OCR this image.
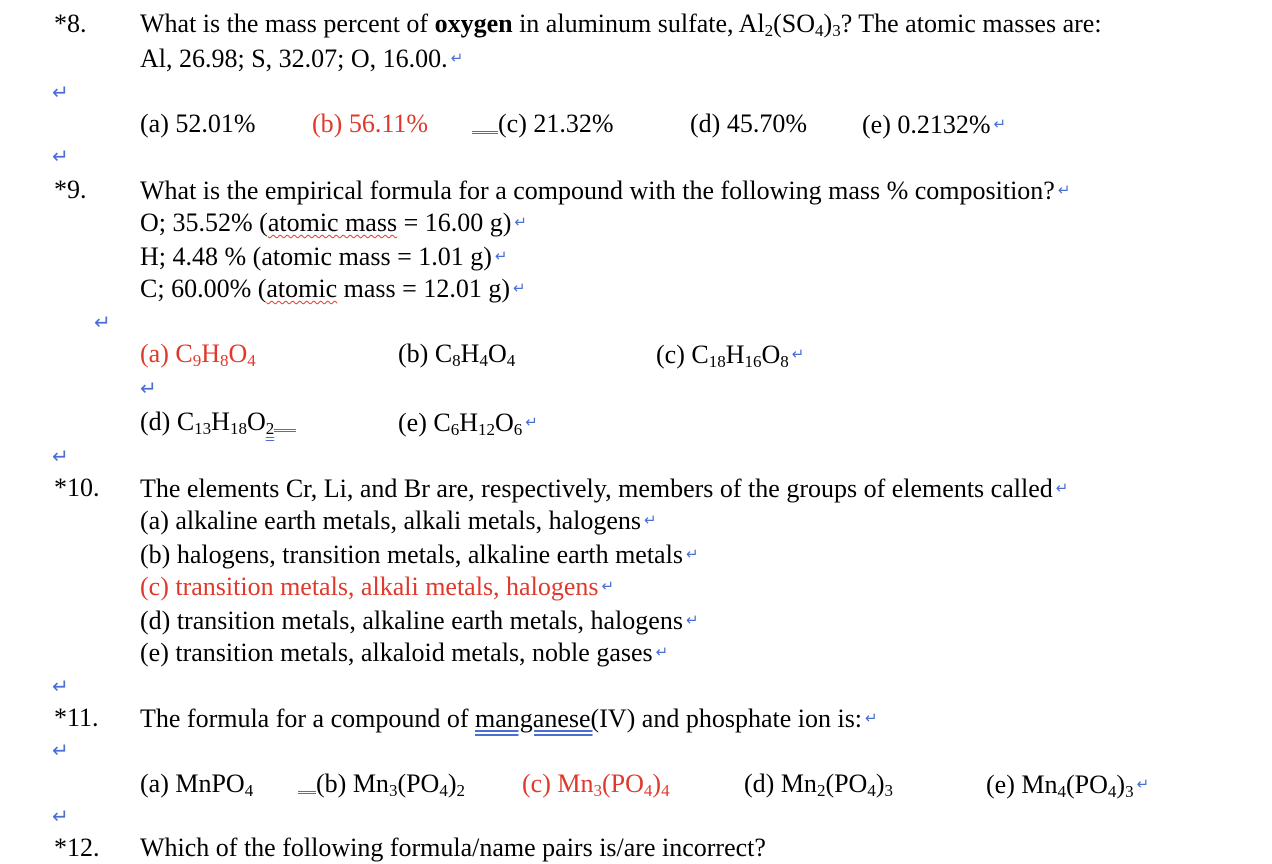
*8. What is the mass percent of oxygen in aluminum sulfate, $Al_2(SO_4)_3$? The atomic masses are:
Al, 26.98; S, 32.07; O, 16.00. ↵
↵
(a) 52.01% (b) 56.11%	(c) 21.32%	(d) 45.70% (e) 0.2132% ↵
↵
*9. What is the empirical formula for a compound with the following mass % composition? ↵
O; 35.52% (atomic mass = 16.00 g) ↵
H; 4.48 % (atomic mass = 1.01 g) ↵
C; 60.00% (atomic mass = 12.01 g) ↵
↵
(a) $C_9H_8O_4$	(b) $C_8H_4O_4$	(c) $C_{18}H_{16}O_8$ ↵
↵
(d) $C_{13}H_{18}O_2$	(e) $C_6H_{12}O_6$ ↵
↵
*10. The elements Cr, Li, and Br are, respectively, members of the groups of elements called ↵
(a) alkaline earth metals, alkali metals, halogens ↵
(b) halogens, transition metals, alkaline earth metals ↵
(c) transition metals, alkali metals, halogens ↵
(d) transition metals, alkaline earth metals, halogens ↵
(e) transition metals, alkaloid metals, noble gases ↵
↵
*11. The formula for a compound of manganese(IV) and phosphate ion is: ↵
↵
(a) MnPO$_4$	(b) $Mn_3(PO_4)_2$ (c) $Mn_3(PO_4)_4$	(d) $Mn_2(PO_4)_3$	(e) $Mn_4(PO_4)_3$ ↵
↵
*12. Which of the following formula/name pairs is/are incorrect?
